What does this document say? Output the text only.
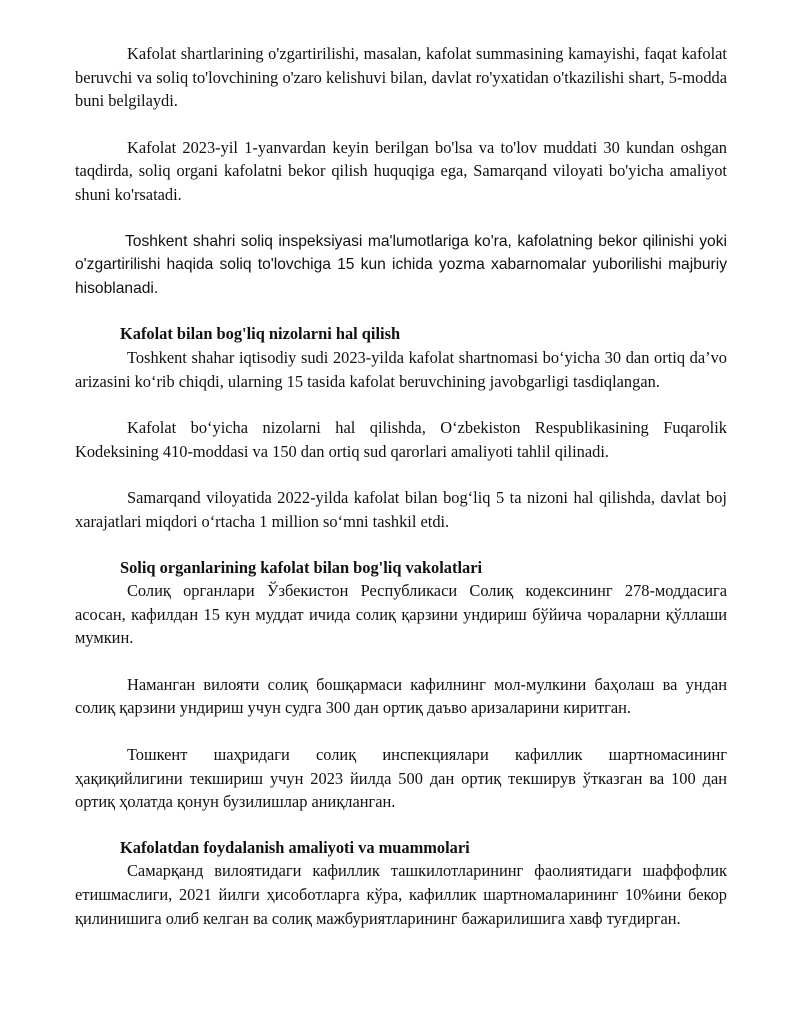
Kafolat shartlarining o'zgartirilishi, masalan, kafolat summasining kamayishi, faqat kafolat beruvchi va soliq to'lovchining o'zaro kelishuvi bilan, davlat ro'yxatidan o'tkazilishi shart, 5-modda buni belgilaydi.

Kafolat 2023-yil 1-yanvardan keyin berilgan bo'lsa va to'lov muddati 30 kundan oshgan taqdirda, soliq organi kafolatni bekor qilish huquqiga ega, Samarqand viloyati bo'yicha amaliyot shuni ko'rsatadi.

Toshkent shahri soliq inspeksiyasi ma'lumotlariga ko'ra, kafolatning bekor qilinishi yoki o'zgartirilishi haqida soliq to'lovchiga 15 kun ichida yozma xabarnomalar yuborilishi majburiy hisoblanadi.

Kafolat bilan bog'liq nizolarni hal qilish

Toshkent shahar iqtisodiy sudi 2023-yilda kafolat shartnomasi bo‘yicha 30 dan ortiq da’vo arizasini ko‘rib chiqdi, ularning 15 tasida kafolat beruvchining javobgarligi tasdiqlangan.

Kafolat bo‘yicha nizolarni hal qilishda, O‘zbekiston Respublikasining Fuqarolik Kodeksining 410-moddasi va 150 dan ortiq sud qarorlari amaliyoti tahlil qilinadi.

Samarqand viloyatida 2022-yilda kafolat bilan bog‘liq 5 ta nizoni hal qilishda, davlat boj xarajatlari miqdori o‘rtacha 1 million so‘mni tashkil etdi.

Soliq organlarining kafolat bilan bog'liq vakolatlari

Солиқ органлари Ўзбекистон Республикаси Солиқ кодексининг 278-моддасига асосан, кафилдан 15 кун муддат ичида солиқ қарзини ундириш бўйича чораларни қўллаши мумкин.

Наманган вилояти солиқ бошқармаси кафилнинг мол-мулкини баҳолаш ва ундан солиқ қарзини ундириш учун судга 300 дан ортиқ даъво аризаларини киритган.

Тошкент шаҳридаги солиқ инспекциялари кафиллик шартномасининг ҳақиқийлигини текшириш учун 2023 йилда 500 дан ортиқ текширув ўтказган ва 100 дан ортиқ ҳолатда қонун бузилишлар аниқланган.

Kafolatdan foydalanish amaliyoti va muammolari

Самарқанд вилоятидаги кафиллик ташкилотларининг фаолиятидаги шаффофлик етишмаслиги, 2021 йилги ҳисоботларга кўра, кафиллик шартномаларининг 10%ини бекор қилинишига олиб келган ва солиқ мажбуриятларининг бажарилишига хавф туғдирган.
